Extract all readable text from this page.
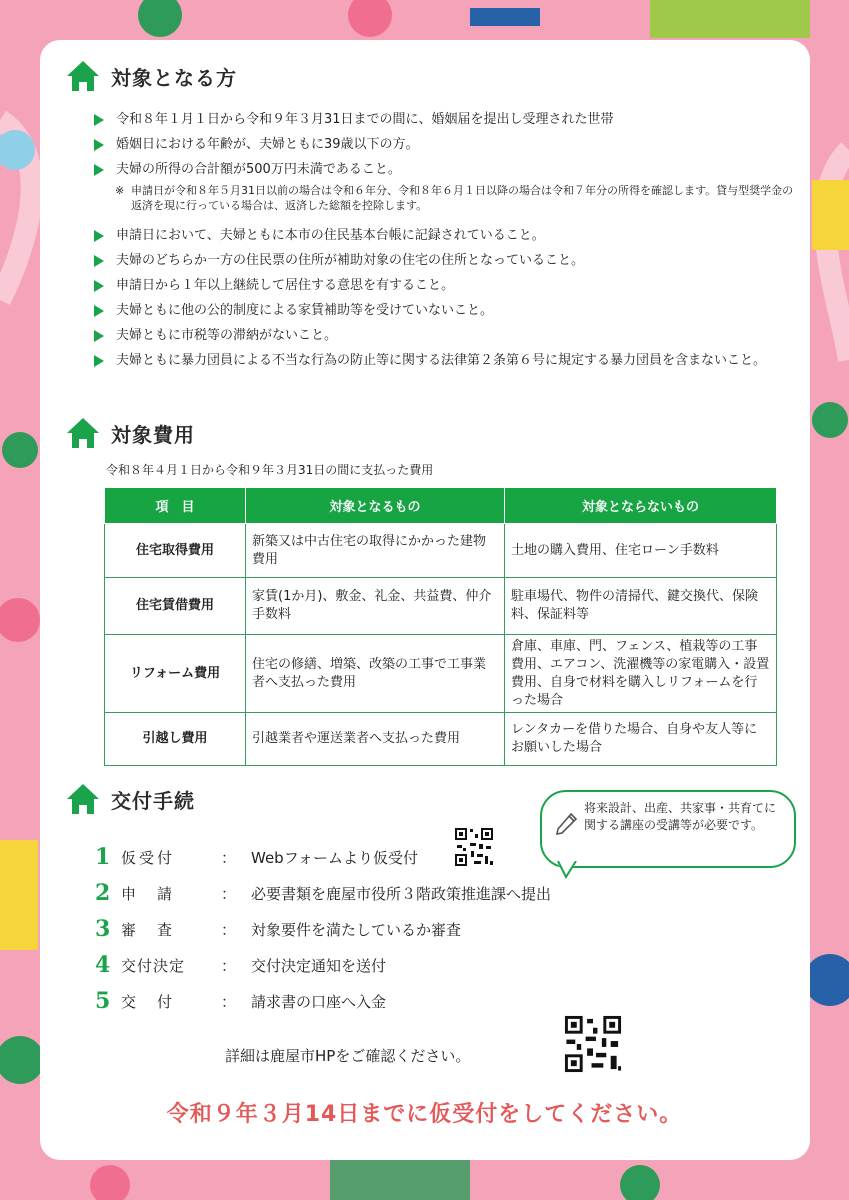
対象となる方
令和８年１月１日から令和９年３月31日までの間に、婚姻届を提出し受理された世帯
婚姻日における年齢が、夫婦ともに39歳以下の方。
夫婦の所得の合計額が500万円未満であること。
※ 申請日が令和８年５月31日以前の場合は令和６年分、令和８年６月１日以降の場合は令和７年分の所得を確認します。貸与型奨学金の返済を現に行っている場合は、返済した総額を控除します。
申請日において、夫婦ともに本市の住民基本台帳に記録されていること。
夫婦のどちらか一方の住民票の住所が補助対象の住宅の住所となっていること。
申請日から１年以上継続して居住する意思を有すること。
夫婦ともに他の公的制度による家賃補助等を受けていないこと。
夫婦ともに市税等の滞納がないこと。
夫婦ともに暴力団員による不当な行為の防止等に関する法律第２条第６号に規定する暴力団員を含まないこと。
対象費用
令和８年４月１日から令和９年３月31日の間に支払った費用
項　目	対象となるもの	対象とならないもの
住宅取得費用	新築又は中古住宅の取得にかかった建物費用	土地の購入費用、住宅ローン手数料
住宅賃借費用	家賃(1か月)、敷金、礼金、共益費、仲介手数料	駐車場代、物件の清掃代、鍵交換代、保険料、保証料等
リフォーム費用	住宅の修繕、増築、改築の工事で工事業者へ支払った費用	倉庫、車庫、門、フェンス、植栽等の工事費用、エアコン、洗濯機等の家電購入・設置費用、自身で材料を購入しリフォームを行った場合
引越し費用	引越業者や運送業者へ支払った費用	レンタカーを借りた場合、自身や友人等にお願いした場合
交付手続	将来設計、出産、共家事・共育てに関する講座の受講等が必要です。
1 仮受付	： Webフォームより仮受付
2 申　請	： 必要書類を鹿屋市役所３階政策推進課へ提出
3 審　査	： 対象要件を満たしているか審査
4 交付決定	： 交付決定通知を送付
5 交　付	： 請求書の口座へ入金
詳細は鹿屋市HPをご確認ください。
令和９年３月14日までに仮受付をしてください。
